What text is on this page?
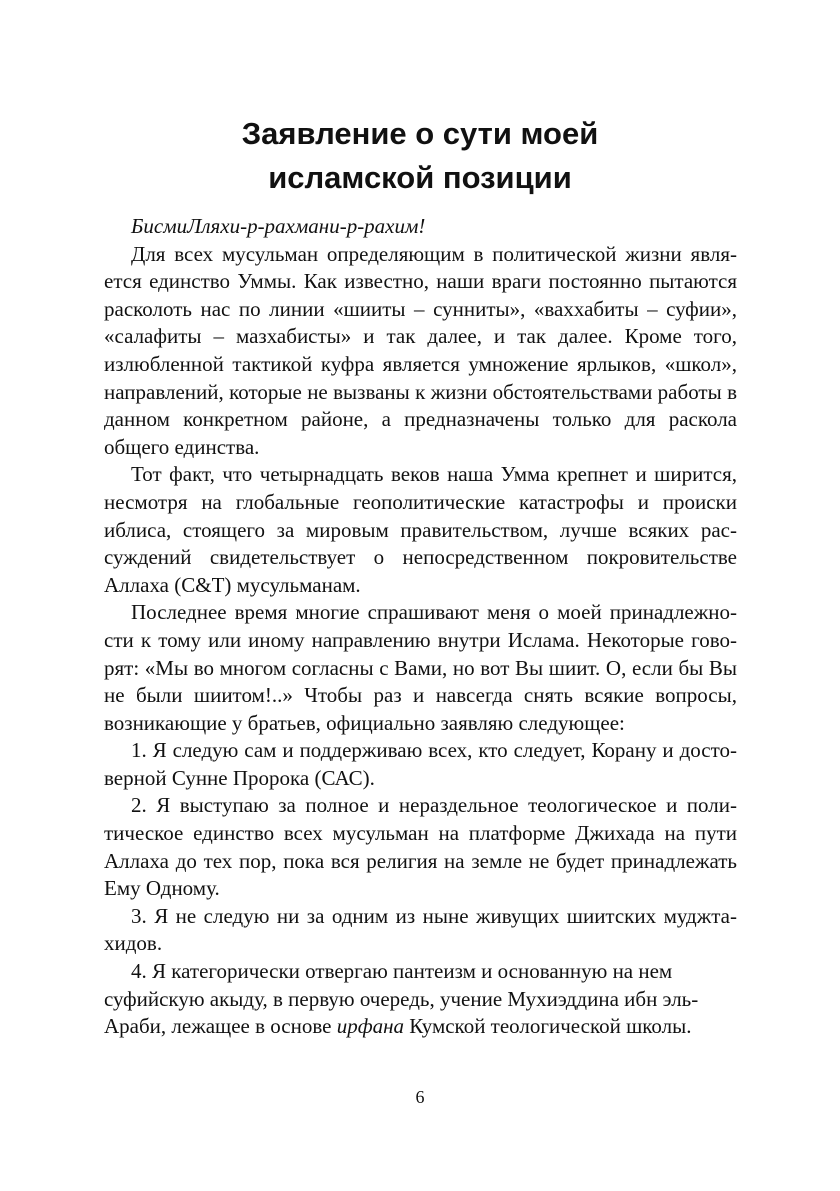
Заявление о сути моей
исламской позиции

БисмиЛляхи-р-рахмани-р-рахим!

Для всех мусульман определяющим в политической жизни является единство Уммы. Как известно, наши враги постоянно пытаются расколоть нас по линии «шииты – сунниты», «ваххабиты – суфии», «салафиты – мазхабисты» и так далее, и так далее. Кроме того, излюбленной тактикой куфра является умножение ярлыков, «школ», направлений, которые не вызваны к жизни обстоятельствами работы в данном конкретном районе, а предназначены только для раскола общего единства.

Тот факт, что четырнадцать веков наша Умма крепнет и ширится, несмотря на глобальные геополитические катастрофы и происки иблиса, стоящего за мировым правительством, лучше всяких рассуждений свидетельствует о непосредственном покровительстве Аллаха (С&Т) мусульманам.

Последнее время многие спрашивают меня о моей принадлежности к тому или иному направлению внутри Ислама. Некоторые говорят: «Мы во многом согласны с Вами, но вот Вы шиит. О, если бы Вы не были шиитом!..» Чтобы раз и навсегда снять всякие вопросы, возникающие у братьев, официально заявляю следующее:

1. Я следую сам и поддерживаю всех, кто следует, Корану и достоверной Сунне Пророка (САС).

2. Я выступаю за полное и нераздельное теологическое и политическое единство всех мусульман на платформе Джихада на пути Аллаха до тех пор, пока вся религия на земле не будет принадлежать Ему Одному.

3. Я не следую ни за одним из ныне живущих шиитских муджтахидов.

4. Я категорически отвергаю пантеизм и основанную на нем суфийскую акыду, в первую очередь, учение Мухиэддина ибн эль-Араби, лежащее в основе ирфана Кумской теологической школы.

6
